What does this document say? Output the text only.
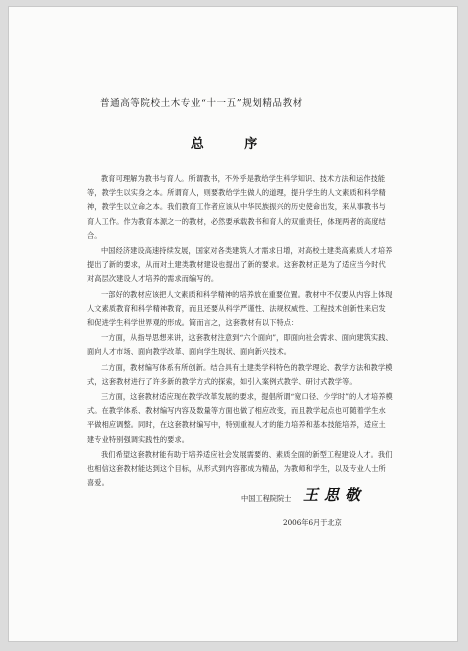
普通高等院校土木专业“十一五”规划精品教材
总 序

教育可理解为教书与育人。所谓教书，不外乎是教给学生科学知识、技术方法和运作技能等，教学生以实身之本。所谓育人，则要教给学生做人的道理，提升学生的人文素质和科学精神，教学生以立命之本。我们教育工作者应该从中华民族振兴的历史使命出发，来从事教书与育人工作。作为教育本源之一的教材，必然要承载教书和育人的双重责任，体现两者的高度结合。

中国经济建设高速持续发展，国家对各类建筑人才需求日增，对高校土建类高素质人才培养提出了新的要求，从而对土建类教材建设也提出了新的要求。这套教材正是为了适应当今时代对高层次建设人才培养的需求而编写的。

一部好的教材应该把人文素质和科学精神的培养放在重要位置。教材中不仅要从内容上体现人文素质教育和科学精神教育，而且还要从科学严谨性、法规权威性、工程技术创新性来启发和促进学生科学世界观的形成。简而言之，这套教材有以下特点：

一方面，从指导思想来讲，这套教材注意到“六个面向”，即面向社会需求、面向建筑实践、面向人才市场、面向教学改革、面向学生现状、面向新兴技术。

二方面，教材编写体系有所创新。结合具有土建类学科特色的教学理论、教学方法和教学模式，这套教材进行了许多新的教学方式的探索，如引入案例式教学、研讨式教学等。

三方面，这套教材适应现在教学改革发展的要求，提倡所谓“宽口径、少学时”的人才培养模式。在教学体系、教材编写内容及数量等方面也做了相应改变，而且教学起点也可随着学生水平做相应调整。同时，在这套教材编写中，特别重视人才的能力培养和基本技能培养，适应土建专业特别强调实践性的要求。

我们希望这套教材能有助于培养适应社会发展需要的、素质全面的新型工程建设人才。我们也相信这套教材能达到这个目标，从形式到内容都成为精品，为教师和学生，以及专业人士所喜爱。

中国工程院院士 王思敬
2006年6月于北京
